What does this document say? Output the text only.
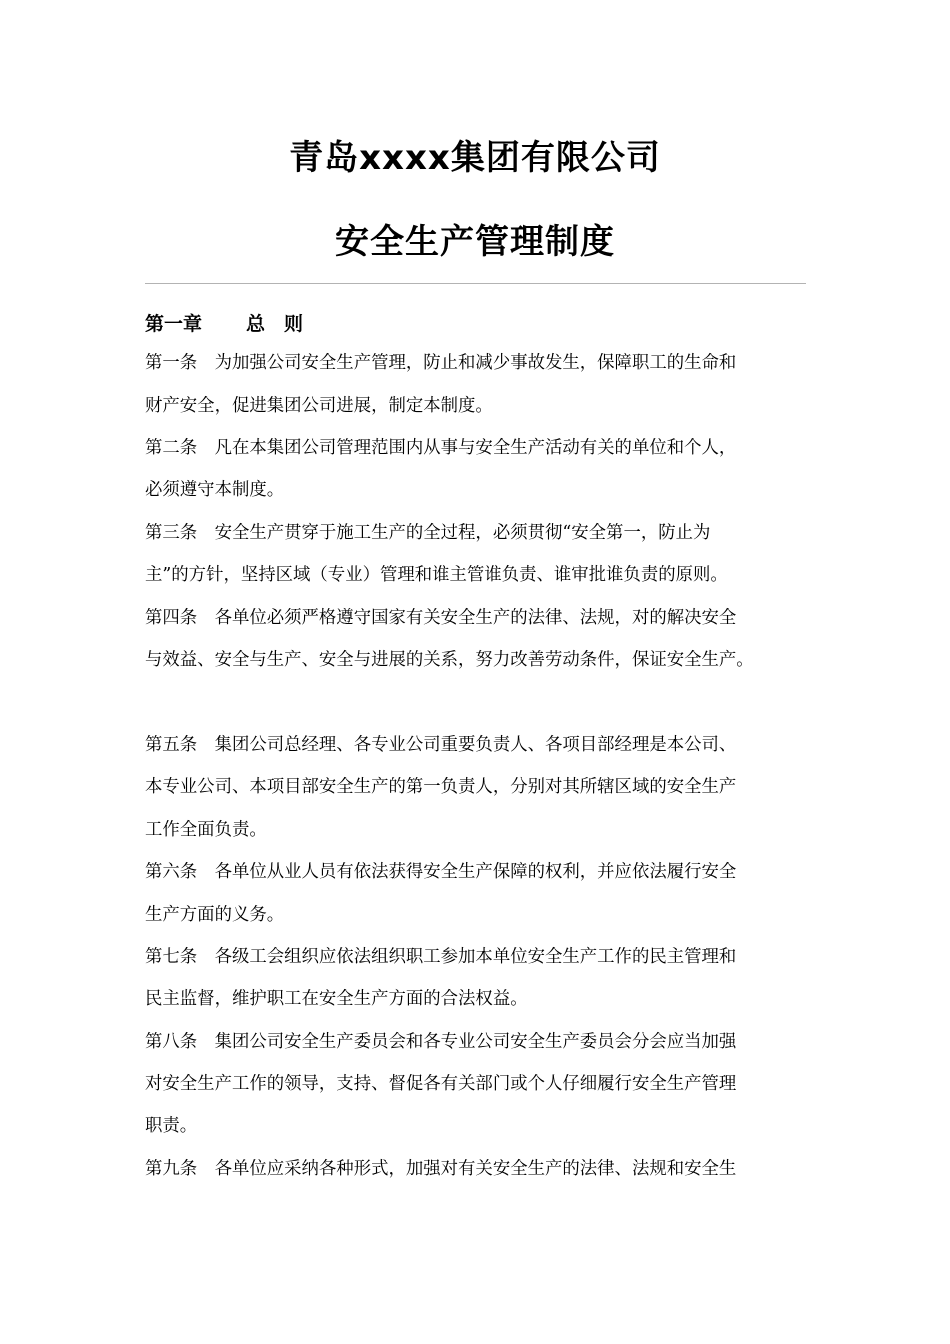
青岛xxxx集团有限公司
安全生产管理制度
第一章 总　则
第一条　为加强公司安全生产管理，防止和减少事故发生，保障职工的生命和
财产安全，促进集团公司进展，制定本制度。
第二条　凡在本集团公司管理范围内从事与安全生产活动有关的单位和个人，
必须遵守本制度。
第三条　安全生产贯穿于施工生产的全过程，必须贯彻“安全第一，防止为
主”的方针，坚持区域（专业）管理和谁主管谁负责、谁审批谁负责的原则。
第四条　各单位必须严格遵守国家有关安全生产的法律、法规，对的解决安全
与效益、安全与生产、安全与进展的关系，努力改善劳动条件，保证安全生产。
第五条　集团公司总经理、各专业公司重要负责人、各项目部经理是本公司、
本专业公司、本项目部安全生产的第一负责人，分别对其所辖区域的安全生产
工作全面负责。
第六条　各单位从业人员有依法获得安全生产保障的权利，并应依法履行安全
生产方面的义务。
第七条　各级工会组织应依法组织职工参加本单位安全生产工作的民主管理和
民主监督，维护职工在安全生产方面的合法权益。
第八条　集团公司安全生产委员会和各专业公司安全生产委员会分会应当加强
对安全生产工作的领导，支持、督促各有关部门或个人仔细履行安全生产管理
职责。
第九条　各单位应采纳各种形式，加强对有关安全生产的法律、法规和安全生
